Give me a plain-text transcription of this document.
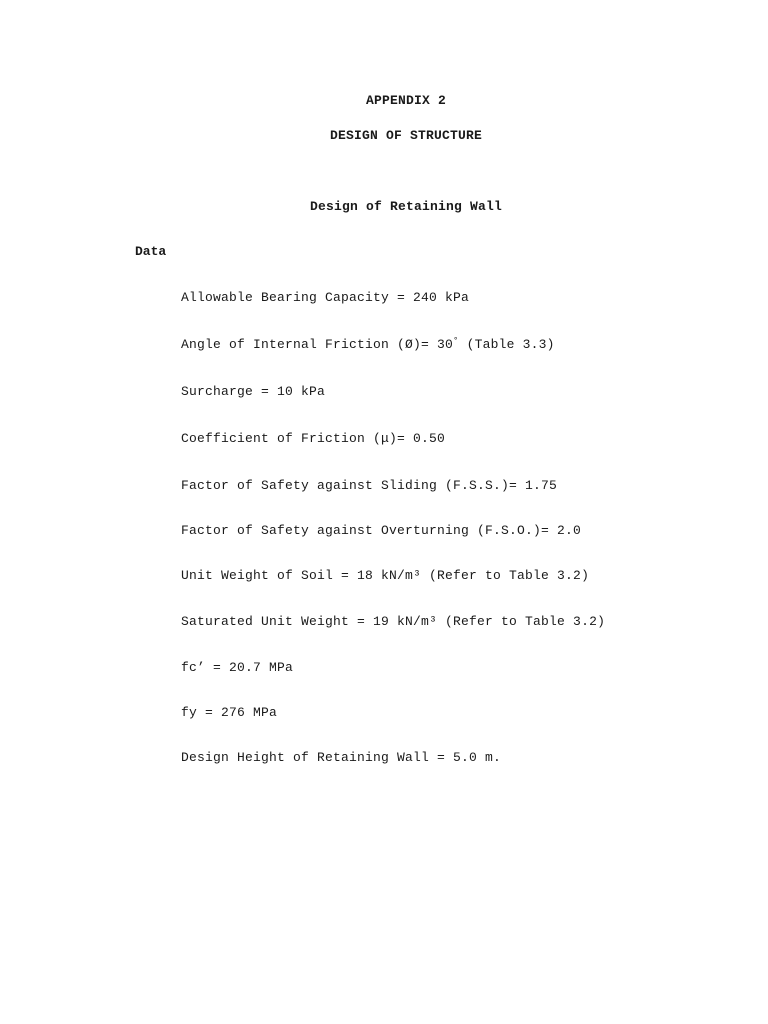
APPENDIX 2
DESIGN OF STRUCTURE
Design of Retaining Wall
Data
Allowable Bearing Capacity = 240 kPa
Angle of Internal Friction (Ø)= 30° (Table 3.3)
Surcharge = 10 kPa
Coefficient of Friction (μ)= 0.50
Factor of Safety against Sliding (F.S.S.)= 1.75
Factor of Safety against Overturning (F.S.O.)= 2.0
Unit Weight of Soil = 18 kN/m³ (Refer to Table 3.2)
Saturated Unit Weight = 19 kN/m³ (Refer to Table 3.2)
fc’ = 20.7 MPa
fy = 276 MPa
Design Height of Retaining Wall = 5.0 m.
